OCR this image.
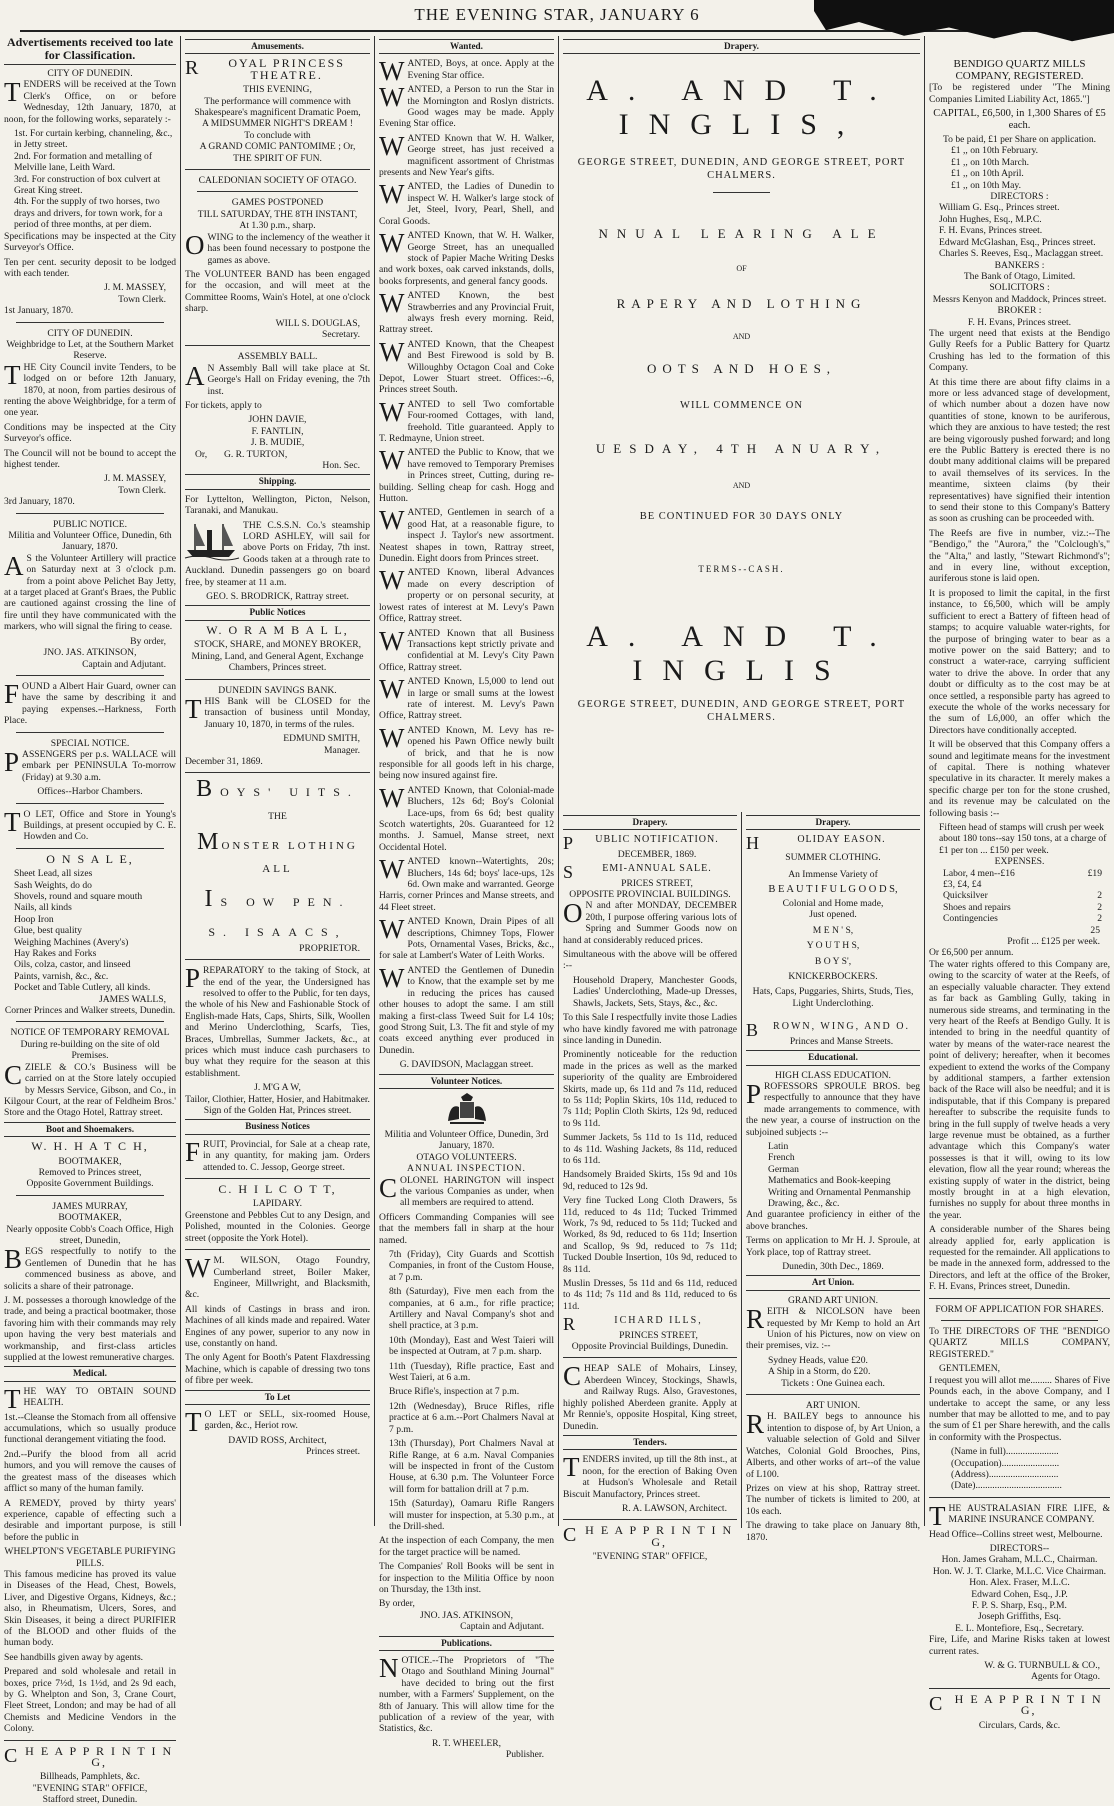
THE EVENING STAR, JANUARY 6
Advertisements received too late for Classification.
CITY OF DUNEDIN.

TENDERS will be received at the Town Clerk's Office, on or before Wednesday, 12th January, 1870, at noon, for the following works, separately :-

1st. For curtain kerbing, channeling, &c., in Jetty street.
2nd. For formation and metalling of Melville lane, Leith Ward.
3rd. For construction of box culvert at Great King street.
4th. For the supply of two horses, two drays and drivers, for town work, for a period of three months, at per diem.

Specifications may be inspected at the City Surveyor's Office.

Ten per cent. security deposit to be lodged with each tender.

J. M. MASSEY,
Town Clerk.
1st January, 1870.
CITY OF DUNEDIN.
Weighbridge to Let, at the Southern Market Reserve.

THE City Council invite Tenders, to be lodged on or before 12th January, 1870, at noon, from parties desirous of renting the above Weighbridge, for a term of one year.

Conditions may be inspected at the City Surveyor's office.

The Council will not be bound to accept the highest tender.

J. M. MASSEY,
Town Clerk.
3rd January, 1870.
PUBLIC NOTICE.
Militia and Volunteer Office, Dunedin, 6th January, 1870.

A S the Volunteer Artillery will practice on Saturday next at 3 o'clock p.m. from a point above Pelichet Bay Jetty, at a target placed at Grant's Braes, the Public are cautioned against crossing the line of fire until they have communicated with the markers, who will signal the firing to cease.

By order,
JNO. JAS. ATKINSON,
Captain and Adjutant.

FOUND a Albert Hair Guard, owner can have the same by describing it and paying expenses.--Harkness, Forth Place.

SPECIAL NOTICE.

PASSENGERS per p.s. WALLACE will embark per PENINSULA To-morrow (Friday) at 9.30 a.m.

Offices--Harbor Chambers.

T O LET, Office and Store in Young's Buildings, at present occupied by C. E. Howden and Co.

O N S A L E,
Sheet Lead, all sizes
Sash Weights, do do
Shovels, round and square mouth
Nails, all kinds
Hoop Iron
Glue, best quality
Weighing Machines (Avery's)
Hay Rakes and Forks
Oils, colza, castor, and linseed
Paints, varnish, &c., &c.
Pocket and Table Cutlery, all kinds.
JAMES WALLS,
Corner Princes and Walker streets, Dunedin.
NOTICE OF TEMPORARY REMOVAL
During re-building on the site of old Premises.

CZIELE & CO.'s Business will be carried on at the Store lately occupied by Messrs Service, Gibson, and Co., in Kilgour Court, at the rear of Feldheim Bros.' Store and the Otago Hotel, Rattray street.

Boot and Shoemakers.
W. H. H A T C H,
BOOTMAKER,
Removed to Princes street,
Opposite Government Buildings.
JAMES MURRAY,
BOOTMAKER,
Nearly opposite Cobb's Coach Office, High street, Dunedin,

BEGS respectfully to notify to the Gentlemen of Dunedin that he has commenced business as above, and solicits a share of their patronage.

J. M. possesses a thorough knowledge of the trade, and being a practical bootmaker, those favoring him with their commands may rely upon having the very best materials and workmanship, and first-class articles supplied at the lowest remunerative charges.

Medical.

THE WAY TO OBTAIN SOUND HEALTH.

1st.--Cleanse the Stomach from all offensive accumulations, which so usually produce functional derangement vitiating the food.

2nd.--Purify the blood from all acrid humors, and you will remove the causes of the greatest mass of the diseases which afflict so many of the human family.

A REMEDY, proved by thirty years' experience, capable of effecting such a desirable and important purpose, is still before the public in

WHELPTON'S VEGETABLE PURIFYING PILLS.

This famous medicine has proved its value in Diseases of the Head, Chest, Bowels, Liver, and Digestive Organs, Kidneys, &c.; also, in Rheumatism, Ulcers, Sores, and Skin Diseases, it being a direct PURIFIER of the BLOOD and other fluids of the human body.

See handbills given away by agents.

Prepared and sold wholesale and retail in boxes, price 7½d, 1s 1½d, and 2s 9d each, by G. Whelpton and Son, 3, Crane Court, Fleet Street, London; and may be had of all Chemists and Medicine Vendors in the Colony.

C H E A P P R I N T I N G,
Billheads, Pamphlets, &c.
"EVENING STAR" OFFICE,
Stafford street, Dunedin.
Amusements.
R OYAL PRINCESS THEATRE.
THIS EVENING,
The performance will commence with Shakespeare's magnificent Dramatic Poem,
A MIDSUMMER NIGHT'S DREAM !
To conclude with
A GRAND COMIC PANTOMIME ; Or,
THE SPIRIT OF FUN.
CALEDONIAN SOCIETY OF OTAGO.
GAMES POSTPONED
TILL SATURDAY, THE 8TH INSTANT,
At 1.30 p.m., sharp.

OWING to the inclemency of the weather it has been found necessary to postpone the games as above.

The VOLUNTEER BAND has been engaged for the occasion, and will meet at the Committee Rooms, Wain's Hotel, at one o'clock sharp.

WILL S. DOUGLAS,
Secretary.
ASSEMBLY BALL.

A N Assembly Ball will take place at St. George's Hall on Friday evening, the 7th inst.

For tickets, apply to

JOHN DAVIE,
F. FANTLIN,
J. B. MUDIE,
Or, G. R. TURTON,
Hon. Sec.
Shipping.

For Lyttelton, Wellington, Picton, Nelson, Taranaki, and Manukau.

THE C.S.S.N. Co.'s steamship LORD ASHLEY, will sail for above Ports on Friday, 7th inst. Goods taken at a through rate to Auckland. Dunedin passengers go on board free, by steamer at 11 a.m.

GEO. S. BRODRICK, Rattray street.
Public Notices
W. O R A M B A L L,

STOCK, SHARE, and MONEY BROKER, Mining, Land, and General Agent, Exchange Chambers, Princes street.

DUNEDIN SAVINGS BANK.

THIS Bank will be CLOSED for the transaction of business until Monday, January 10, 1870, in terms of the rules.

EDMUND SMITH,
Manager.
December 31, 1869.
BOYS' UITS.
THE
MONSTER LOTHING ALL
IS OW PEN.
S. ISAACS,
PROPRIETOR.

PREPARATORY to the taking of Stock, at the end of the year, the Undersigned has resolved to offer to the Public, for ten days, the whole of his New and Fashionable Stock of English-made Hats, Caps, Shirts, Silk, Woollen and Merino Underclothing, Scarfs, Ties, Braces, Umbrellas, Summer Jackets, &c., at prices which must induce cash purchasers to buy what they require for the season at this establishment.

J. M'G A W,
Tailor, Clothier, Hatter, Hosier, and Habitmaker.
Sign of the Golden Hat, Princes street.
Business Notices

FRUIT, Provincial, for Sale at a cheap rate, in any quantity, for making jam. Orders attended to. C. Jessop, George street.

C. H I L C O T T,
LAPIDARY.

Greenstone and Pebbles Cut to any Design, and Polished, mounted in the Colonies. George street (opposite the York Hotel).

W M. WILSON, Otago Foundry, Cumberland street, Boiler Maker, Engineer, Millwright, and Blacksmith, &c.

All kinds of Castings in brass and iron. Machines of all kinds made and repaired. Water Engines of any power, superior to any now in use, constantly on hand.

The only Agent for Booth's Patent Flaxdressing Machine, which is capable of dressing two tons of fibre per week.

To Let

T O LET or SELL, six-roomed House, garden, &c., Heriot row.

DAVID ROSS, Architect,
Princes street.
Wanted.

WANTED, Boys, at once. Apply at the Evening Star office.

WANTED, a Person to run the Star in the Mornington and Roslyn districts. Good wages may be made. Apply Evening Star office.

WANTED Known that W. H. Walker, George street, has just received a magnificent assortment of Christmas presents and New Year's gifts.

WANTED, the Ladies of Dunedin to inspect W. H. Walker's large stock of Jet, Steel, Ivory, Pearl, Shell, and Coral Goods.

WANTED Known, that W. H. Walker, George Street, has an unequalled stock of Papier Mache Writing Desks and work boxes, oak carved inkstands, dolls, books forpresents, and general fancy goods.

WANTED Known, the best Strawberries and any Provincial Fruit, always fresh every morning. Reid, Rattray street.

WANTED Known, that the Cheapest and Best Firewood is sold by B. Willoughby Octagon Coal and Coke Depot, Lower Stuart street. Offices:--6, Princes street South.

WANTED to sell Two comfortable Four-roomed Cottages, with land, freehold. Title guaranteed. Apply to T. Redmayne, Union street.

WANTED the Public to Know, that we have removed to Temporary Premises in Princes street, Cutting, during re-building. Selling cheap for cash. Hogg and Hutton.

WANTED, Gentlemen in search of a good Hat, at a reasonable figure, to inspect J. Taylor's new assortment. Neatest shapes in town, Rattray street, Dunedin. Eight doors from Princes street.

WANTED Known, liberal Advances made on every description of property or on personal security, at lowest rates of interest at M. Levy's Pawn Office, Rattray street.

WANTED Known that all Business Transactions kept strictly private and confidential at M. Levy's City Pawn Office, Rattray street.

WANTED Known, L5,000 to lend out in large or small sums at the lowest rate of interest. M. Levy's Pawn Office, Rattray street.

WANTED Known, M. Levy has re-opened his Pawn Office newly built of brick, and that he is now responsible for all goods left in his charge, being now insured against fire.

WANTED Known, that Colonial-made Bluchers, 12s 6d; Boy's Colonial Lace-ups, from 6s 6d; best quality Scotch watertights, 20s. Guaranteed for 12 months. J. Samuel, Manse street, next Occidental Hotel.

WANTED known--Watertights, 20s; Bluchers, 14s 6d; boys' lace-ups, 12s 6d. Own make and warranted. George Harris, corner Princes and Manse streets, and 44 Fleet street.

WANTED Known, Drain Pipes of all descriptions, Chimney Tops, Flower Pots, Ornamental Vases, Bricks, &c., for sale at Lambert's Water of Leith Works.

WANTED the Gentlemen of Dunedin to Know, that the example set by me in reducing the prices has caused other houses to adopt the same. I am still making a first-class Tweed Suit for L4 10s; good Strong Suit, L3. The fit and style of my coats exceed anything ever produced in Dunedin.

G. DAVIDSON, Maclaggan street.
Volunteer Notices.
Militia and Volunteer Office, Dunedin, 3rd January, 1870.
OTAGO VOLUNTEERS.
ANNUAL INSPECTION.

COLONEL HARINGTON will inspect the various Companies as under, when all members are required to attend.

Officers Commanding Companies will see that the members fall in sharp at the hour named.

7th (Friday), City Guards and Scottish Companies, in front of the Custom House, at 7 p.m.

8th (Saturday), Five men each from the companies, at 6 a.m., for rifle practice; Artillery and Naval Company's shot and shell practice, at 3 p.m.

10th (Monday), East and West Taieri will be inspected at Outram, at 7 p.m. sharp.

11th (Tuesday), Rifle practice, East and West Taieri, at 6 a.m.

Bruce Rifle's, inspection at 7 p.m.

12th (Wednesday), Bruce Rifles, rifle practice at 6 a.m.--Port Chalmers Naval at 7 p.m.

13th (Thursday), Port Chalmers Naval at Rifle Range, at 6 a.m. Naval Companies will be inspected in front of the Custom House, at 6.30 p.m. The Volunteer Force will form for battalion drill at 7 p.m.

15th (Saturday), Oamaru Rifle Rangers will muster for inspection, at 5.30 p.m., at the Drill-shed.

At the inspection of each Company, the men for the target practice will be named.

The Companies' Roll Books will be sent in for inspection to the Militia Office by noon on Thursday, the 13th inst.

By order,
JNO. JAS. ATKINSON,
Captain and Adjutant.
Publications.

NOTICE.--The Proprietors of "The Otago and Southland Mining Journal" have decided to bring out the first number, with a Farmers' Supplement, on the 8th of January. This will allow time for the publication of a review of the year, with Statistics, &c.

R. T. WHEELER,
Publisher.
Drapery.
A. AND T. INGLIS,
GEORGE STREET, DUNEDIN, AND GEORGE STREET, PORT CHALMERS.
NNUAL LEARING ALE
OF
RAPERY AND LOTHING
AND
OOTS AND HOES,
WILL COMMENCE ON
UESDAY, 4TH ANUARY,
AND
BE CONTINUED FOR 30 DAYS ONLY
TERMS--CASH.
A. AND T. INGLIS
GEORGE STREET, DUNEDIN, AND GEORGE STREET, PORT CHALMERS.
Drapery.
P UBLIC NOTIFICATION.
DECEMBER, 1869.
S	EMI-ANNUAL SALE.
PRICES STREET,
OPPOSITE PROVINCIAL BUILDINGS.

O N and after MONDAY, DECEMBER 20th, I purpose offering various lots of Spring and Summer Goods now on hand at considerably reduced prices.

Simultaneous with the above will be offered :--

Household Drapery, Manchester Goods, Ladies' Underclothing, Made-up Dresses, Shawls, Jackets, Sets, Stays, &c., &c.

To this Sale I respectfully invite those Ladies who have kindly favored me with patronage since landing in Dunedin.

Prominently noticeable for the reduction made in the prices as well as the marked superiority of the quality are Embroidered Skirts, made up, 6s 11d and 7s 11d, reduced to 5s 11d; Poplin Skirts, 10s 11d, reduced to 7s 11d; Poplin Cloth Skirts, 12s 9d, reduced to 9s 11d.

Summer Jackets, 5s 11d to 1s 11d, reduced to 4s 11d. Washing Jackets, 8s 11d, reduced to 6s 11d.

Handsomely Braided Skirts, 15s 9d and 10s 9d, reduced to 12s 9d.

Very fine Tucked Long Cloth Drawers, 5s 11d, reduced to 4s 11d; Tucked Trimmed Work, 7s 9d, reduced to 5s 11d; Tucked and Worked, 8s 9d, reduced to 6s 11d; Insertion and Scallop, 9s 9d, reduced to 7s 11d; Tucked Double Insertion, 10s 9d, reduced to 8s 11d.

Muslin Dresses, 5s 11d and 6s 11d, reduced to 4s 11d; 7s 11d and 8s 11d, reduced to 6s 11d.

R	ICHARD ILLS,
PRINCES STREET,
Opposite Provincial Buildings, Dunedin.

CHEAP SALE of Mohairs, Linsey, Aberdeen Wincey, Stockings, Shawls, and Railway Rugs. Also, Gravestones, highly polished Aberdeen granite. Apply at Mr Rennie's, opposite Hospital, King street, Dunedin.

Tenders.

TENDERS invited, up till the 8th inst., at noon, for the erection of Baking Oven at Hudson's Wholesale and Retail Biscuit Manufactory, Princes street.

R. A. LAWSON, Architect.
C H E A P P R I N T I N G,
"EVENING STAR" OFFICE,
Drapery.
H	OLIDAY EASON.
SUMMER CLOTHING.
An Immense Variety of
B E A U T I F U L G O O D S,
Colonial and Home made,
Just opened.
M E N ' S,
Y O U T H S,
B O Y S',
KNICKERBOCKERS.

Hats, Caps, Puggaries, Shirts, Studs, Ties, Light Underclothing.

B ROWN, WING, AND O.
Princes and Manse Streets.
Educational.
HIGH CLASS EDUCATION.

PROFESSORS SPROULE BROS. beg respectfully to announce that they have made arrangements to commence, with the new year, a course of instruction on the subjoined subjects :--

Latin
French
German
Mathematics and Book-keeping
Writing and Ornamental Penmanship
Drawing, &c., &c.

And guarantee proficiency in either of the above branches.

Terms on application to Mr H. J. Sproule, at York place, top of Rattray street.

Dunedin, 30th Dec., 1869.
Art Union.
GRAND ART UNION.

REITH & NICOLSON have been requested by Mr Kemp to hold an Art Union of his Pictures, now on view on their premises, viz. :--

Sydney Heads, value £20.
A Ship in a Storm, do £20.
Tickets : One Guinea each.
ART UNION.

R H. BAILEY begs to announce his intention to dispose of, by Art Union, a valuable selection of Gold and Silver Watches, Colonial Gold Brooches, Pins, Alberts, and other works of art--of the value of L100.

Prizes on view at his shop, Rattray street. The number of tickets is limited to 200, at 10s each.

The drawing to take place on January 8th, 1870.

Public Companies.
BENDIGO QUARTZ MILLS COMPANY, REGISTERED.

[To be registered under "The Mining Companies Limited Liability Act, 1865."]

CAPITAL, £6,500, in 1,300 Shares of £5 each.

To be paid, £1 per Share on application.
£1 ,, on 10th February.
£1 ,, on 10th March.
£1 ,, on 10th April.
£1 ,, on 10th May.
DIRECTORS :
William G. Esq., Princes street.
John Hughes, Esq., M.P.C.
F. H. Evans, Princes street.
Edward McGlashan, Esq., Princes street.
Charles S. Reeves, Esq., Maclaggan street.
BANKERS :
The Bank of Otago, Limited.
SOLICITORS :
Messrs Kenyon and Maddock, Princes street.
BROKER :
F. H. Evans, Princes street.

The urgent need that exists at the Bendigo Gully Reefs for a Public Battery for Quartz Crushing has led to the formation of this Company.

At this time there are about fifty claims in a more or less advanced stage of development, of which number about a dozen have now quantities of stone, known to be auriferous, which they are anxious to have tested; the rest are being vigorously pushed forward; and long ere the Public Battery is erected there is no doubt many additional claims will be prepared to avail themselves of its services. In the meantime, sixteen claims (by their representatives) have signified their intention to send their stone to this Company's Battery as soon as crushing can be proceeded with.

The Reefs are five in number, viz.:--The "Bendigo," the "Aurora," the "Colclough's," the "Alta," and lastly, "Stewart Richmond's"; and in every line, without exception, auriferous stone is laid open.

It is proposed to limit the capital, in the first instance, to £6,500, which will be amply sufficient to erect a Battery of fifteen head of stamps; to acquire valuable water-rights, for the purpose of bringing water to bear as a motive power on the said Battery; and to construct a water-race, carrying sufficient water to drive the above. In order that any doubt or difficulty as to the cost may be at once settled, a responsible party has agreed to execute the whole of the works necessary for the sum of L6,000, an offer which the Directors have conditionally accepted.

It will be observed that this Company offers a sound and legitimate means for the investment of capital. There is nothing whatever speculative in its character. It merely makes a specific charge per ton for the stone crushed, and its revenue may be calculated on the following basis :--

Fifteen head of stamps will crush per week about 180 tons--say 150 tons, at a charge of £1 per ton ... £150 per week.
EXPENSES.
Labor, 4 men--£16	£19
£3, £4, £4
Quicksilver	2
Shoes and repairs	2
Contingencies	2
25
Profit ... £125 per week.
Or £6,500 per annum.

The water rights offered to this Company are, owing to the scarcity of water at the Reefs, of an especially valuable character. They extend as far back as Gambling Gully, taking in numerous side streams, and terminating in the very heart of the Reefs at Bendigo Gully. It is intended to bring in the needful quantity of water by means of the water-race nearest the point of delivery; hereafter, when it becomes expedient to extend the works of the Company by additional stampers, a farther extension back of the Race will also be needful; and it is indisputable, that if this Company is prepared hereafter to subscribe the requisite funds to bring in the full supply of twelve heads a very large revenue must be obtained, as a further advantage which this Company's water possesses is that it will, owing to its low elevation, flow all the year round; whereas the existing supply of water in the district, being mostly brought in at a high elevation, furnishes no supply for about three months in the year.

A considerable number of the Shares being already applied for, early application is requested for the remainder. All applications to be made in the annexed form, addressed to the Directors, and left at the office of the Broker, F. H. Evans, Princes street, Dunedin.

FORM OF APPLICATION FOR SHARES.

To THE DIRECTORS OF THE "BENDIGO QUARTZ MILLS COMPANY, REGISTERED."

GENTLEMEN,

I request you will allot me......... Shares of Five Pounds each, in the above Company, and I undertake to accept the same, or any less number that may be allotted to me, and to pay the sum of £1 per Share herewith, and the calls in conformity with the Prospectus.

(Name in full)......................
(Occupation)........................
(Address).............................
(Date)....................................

THE AUSTRALASIAN FIRE LIFE, & MARINE INSURANCE COMPANY.

Head Office--Collins street west, Melbourne.

DIRECTORS--
Hon. James Graham, M.L.C., Chairman.
Hon. W. J. T. Clarke, M.L.C. Vice Chairman.
Hon. Alex. Fraser, M.L.C.
Edward Cohen, Esq., J.P.
F. P. S. Sharp, Esq., P.M.
Joseph Griffiths, Esq.
E. L. Montefiore, Esq., Secretary.

Fire, Life, and Marine Risks taken at lowest current rates.

W. & G. TURNBULL & CO.,
Agents for Otago.
C H E A P P R I N T I N G,
Circulars, Cards, &c.
